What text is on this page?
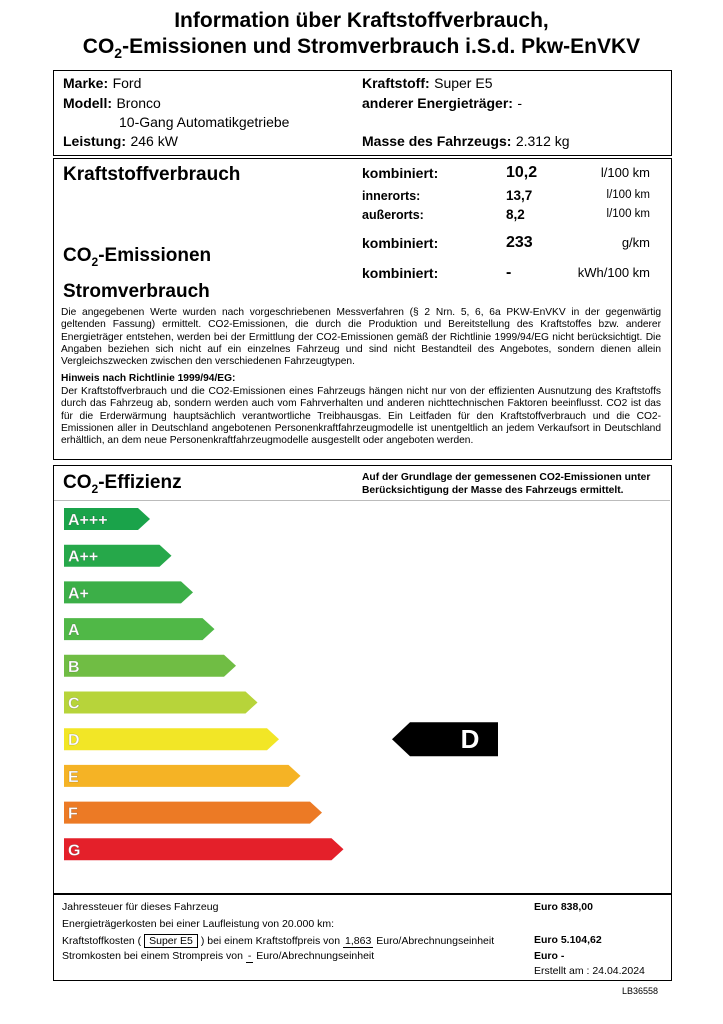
Information über Kraftstoffverbrauch,
$CO_2$-Emissionen und Stromverbrauch i.S.d. Pkw-EnVKV
Marke: Ford
Modell: Bronco
10-Gang Automatikgetriebe
Leistung: 246 kW
Kraftstoff: Super E5
anderer Energieträger: -
Masse des Fahrzeugs: 2.312 kg
Kraftstoffverbrauch
$CO_2$-Emissionen
Stromverbrauch
kombiniert:	10,2	l/100 km
innerorts:	13,7	l/100 km
außerorts:	8,2	l/100 km
kombiniert:	233	g/km
kombiniert:	-	kWh/100 km
Die angegebenen Werte wurden nach vorgeschriebenen Messverfahren (§ 2 Nrn. 5, 6, 6a PKW-EnVKV in der gegenwärtig geltenden Fassung) ermittelt. CO2-Emissionen, die durch die Produktion und Bereitstellung des Kraftstoffes bzw. anderer Energieträger entstehen, werden bei der Ermittlung der CO2-Emissionen gemäß der Richtlinie 1999/94/EG nicht berücksichtigt. Die Angaben beziehen sich nicht auf ein einzelnes Fahrzeug und sind nicht Bestandteil des Angebotes, sondern dienen allein Vergleichszwecken zwischen den verschiedenen Fahrzeugtypen.
Hinweis nach Richtlinie 1999/94/EG:
Der Kraftstoffverbrauch und die CO2-Emissionen eines Fahrzeugs hängen nicht nur von der effizienten Ausnutzung des Kraftstoffs durch das Fahrzeug ab, sondern werden auch vom Fahrverhalten und anderen nichttechnischen Faktoren beeinflusst. CO2 ist das für die Erderwärmung hauptsächlich verantwortliche Treibhausgas. Ein Leitfaden für den Kraftstoffverbrauch und die CO2-Emissionen aller in Deutschland angebotenen Personenkraftfahrzeugmodelle ist unentgeltlich an jedem Verkaufsort in Deutschland erhältlich, an dem neue Personenkraftfahrzeugmodelle ausgestellt oder angeboten werden.
$CO_2$-Effizienz	Auf der Grundlage der gemessenen CO2-Emissionen unter
Berücksichtigung der Masse des Fahrzeugs ermittelt.
A+++
A++
A+
A
B
C
D
E
F
G
D
Jahressteuer für dieses Fahrzeug	Euro 838,00
Energieträgerkosten bei einer Laufleistung von 20.000 km:
Kraftstoffkosten ( Super E5 ) bei einem Kraftstoffpreis von 1,863 Euro/Abrechnungseinheit	Euro 5.104,62
Stromkosten bei einem Strompreis von - Euro/Abrechnungseinheit	Euro -
Erstellt am : 24.04.2024
LB36558
